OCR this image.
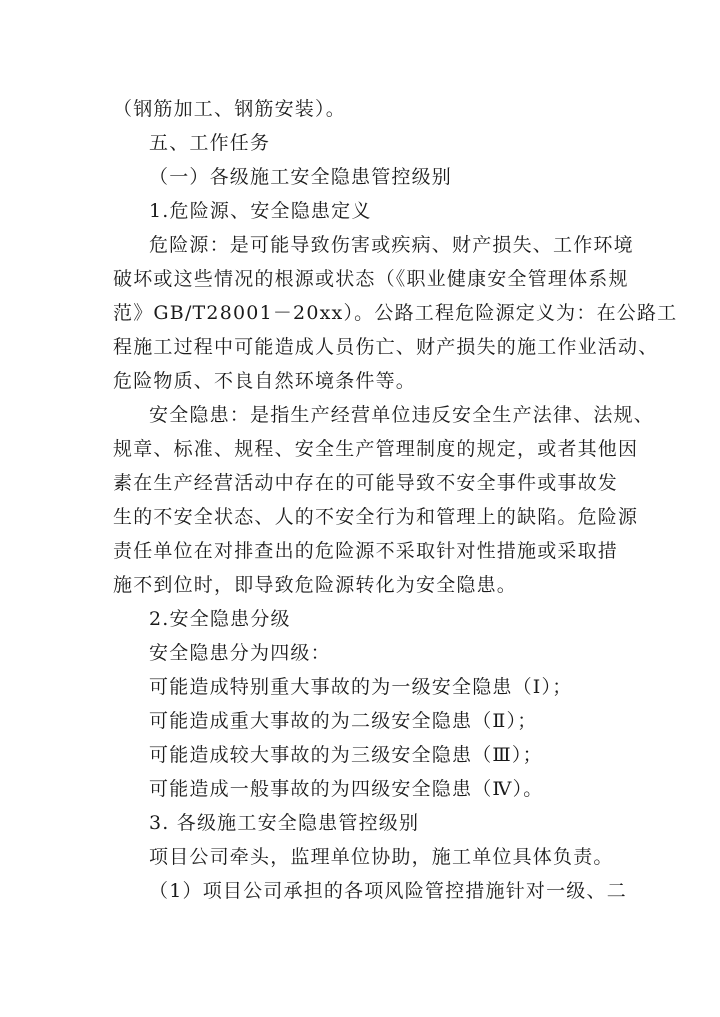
（钢筋加工、钢筋安装）。
五、工作任务
（一）各级施工安全隐患管控级别
1.危险源、安全隐患定义
危险源：是可能导致伤害或疾病、财产损失、工作环境
破坏或这些情况的根源或状态（《职业健康安全管理体系规
范》GB/T28001－20xx）。公路工程危险源定义为：在公路工
程施工过程中可能造成人员伤亡、财产损失的施工作业活动、
危险物质、不良自然环境条件等。
安全隐患：是指生产经营单位违反安全生产法律、法规、
规章、标准、规程、安全生产管理制度的规定，或者其他因
素在生产经营活动中存在的可能导致不安全事件或事故发
生的不安全状态、人的不安全行为和管理上的缺陷。危险源
责任单位在对排查出的危险源不采取针对性措施或采取措
施不到位时，即导致危险源转化为安全隐患。
2.安全隐患分级
安全隐患分为四级：
可能造成特别重大事故的为一级安全隐患（Ⅰ）；
可能造成重大事故的为二级安全隐患（Ⅱ）；
可能造成较大事故的为三级安全隐患（Ⅲ）；
可能造成一般事故的为四级安全隐患（Ⅳ）。
3. 各级施工安全隐患管控级别
项目公司牵头，监理单位协助，施工单位具体负责。
（1）项目公司承担的各项风险管控措施针对一级、二
